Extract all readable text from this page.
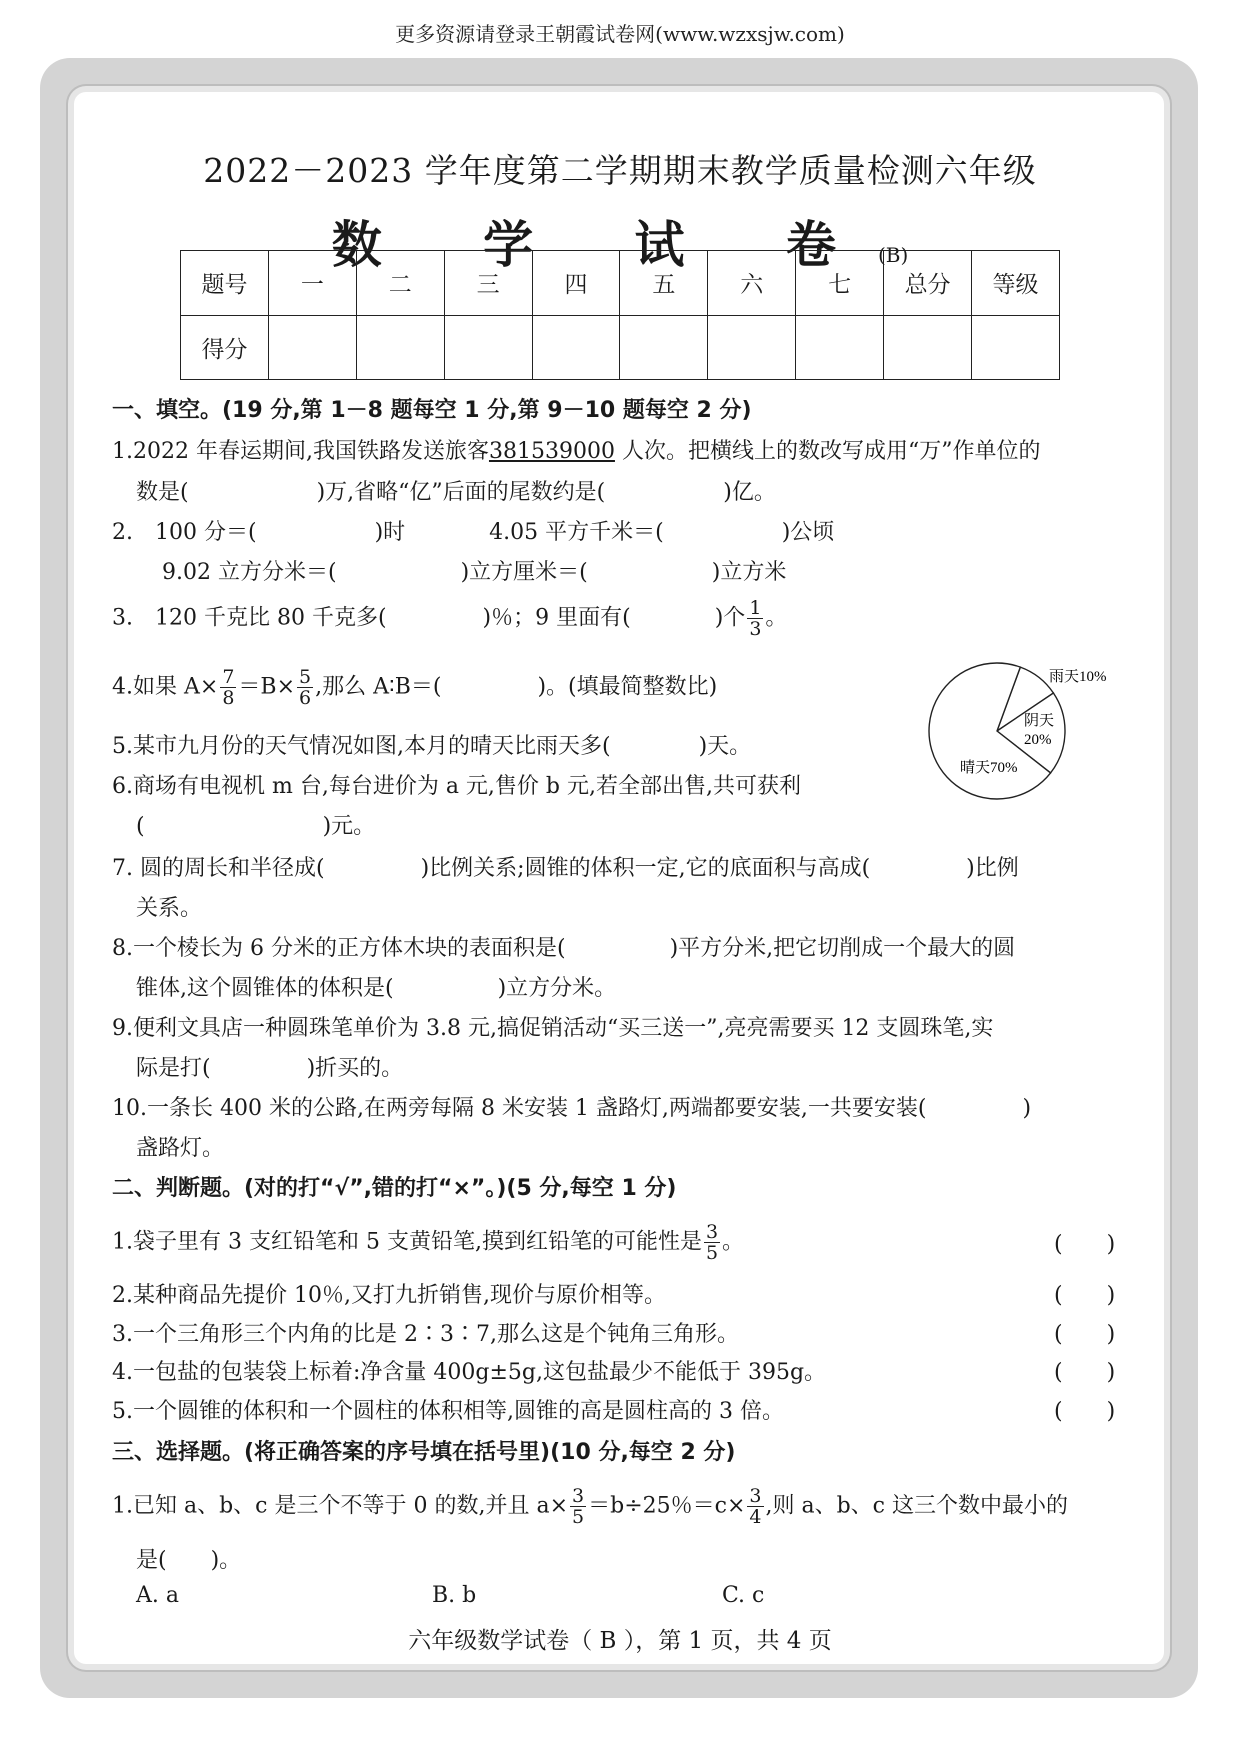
更多资源请登录王朝霞试卷网(www.wzxsjw.com)
2022－2023 学年度第二学期期末教学质量检测六年级
数 学 试 卷(B)
题号	一	二	三	四	五	六	七	总分	等级
得分									
一、填空。(19 分,第 1－8 题每空 1 分,第 9－10 题每空 2 分)
1.2022 年春运期间,我国铁路发送旅客381539000 人次。把横线上的数改写成用“万”作单位的
数是(	)万,省略“亿”后面的尾数约是(	)亿。
2.　100 分＝(	)时	4.05 平方千米＝(	)公顷
9.02 立方分米＝(	)立方厘米＝(	)立方米
3.　120 千克比 80 千克多(	)％；9 里面有(	)个 $\frac{1}{3}$ 。
4.如果 $A\times \frac{7}{8} =B\times \frac{5}{6}$ ,那么 A∶B＝(	)。(填最简整数比)
5.某市九月份的天气情况如图,本月的晴天比雨天多(	)天。
6.商场有电视机 m 台,每台进价为 a 元,售价 b 元,若全部出售,共可获利
(	)元。
7. 圆的周长和半径成(	)比例关系;圆锥的体积一定,它的底面积与高成(	)比例
关系。
8.一个棱长为 6 分米的正方体木块的表面积是(	)平方分米,把它切削成一个最大的圆
锥体,这个圆锥体的体积是(	)立方分米。
9.便利文具店一种圆珠笔单价为 3.8 元,搞促销活动“买三送一”,亮亮需要买 12 支圆珠笔,实
际是打(	)折买的。
10.一条长 400 米的公路,在两旁每隔 8 米安装 1 盏路灯,两端都要安装,一共要安装(	)
盏路灯。
雨天10%
阴天
20%
晴天70%
二、判断题。(对的打“√”,错的打“×”。)(5 分,每空 1 分)
1.袋子里有 3 支红铅笔和 5 支黄铅笔,摸到红铅笔的可能性是 $\frac{3}{5}$ 。	(　　)
2.某种商品先提价 10％,又打九折销售,现价与原价相等。	(　　)
3.一个三角形三个内角的比是 2∶3∶7,那么这是个钝角三角形。	(　　)
4.一包盐的包装袋上标着:净含量 400g±5g,这包盐最少不能低于 395g。	(　　)
5.一个圆锥的体积和一个圆柱的体积相等,圆锥的高是圆柱高的 3 倍。	(　　)
三、选择题。(将正确答案的序号填在括号里)(10 分,每空 2 分)
1.已知 a、b、c 是三个不等于 0 的数,并且 $a\times \frac{3}{5} =b\div 25$％$=c\times \frac{3}{4}$ ,则 a、b、c 这三个数中最小的
是(　　)。
A. a	B. b	C. c
六年级数学试卷（ B ），第 1 页，共 4 页
